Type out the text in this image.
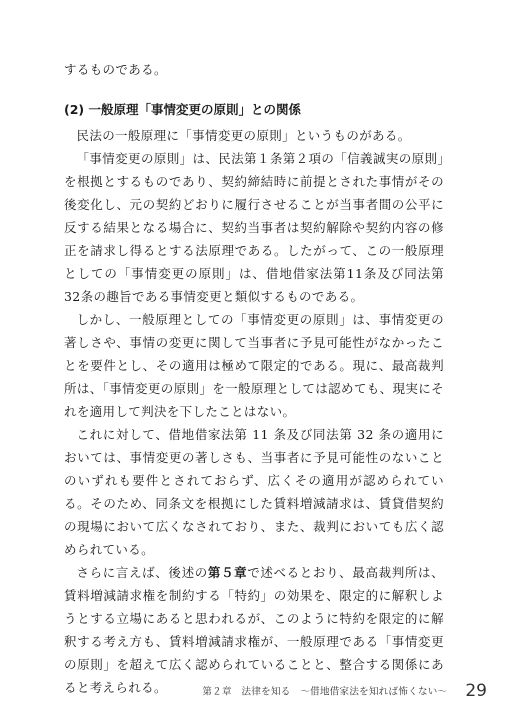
するものである。
(2) 一般原理「事情変更の原則」との関係

民法の一般原理に「事情変更の原則」というものがある。

「事情変更の原則」は、民法第１条第２項の「信義誠実の原則」を根拠とするものであり、契約締結時に前提とされた事情がその後変化し、元の契約どおりに履行させることが当事者間の公平に反する結果となる場合に、契約当事者は契約解除や契約内容の修正を請求し得るとする法原理である。したがって、この一般原理としての「事情変更の原則」は、借地借家法第11条及び同法第32条の趣旨である事情変更と類似するものである。

しかし、一般原理としての「事情変更の原則」は、事情変更の著しさや、事情の変更に関して当事者に予見可能性がなかったことを要件とし、その適用は極めて限定的である。現に、最高裁判所は、「事情変更の原則」を一般原理としては認めても、現実にそれを適用して判決を下したことはない。

これに対して、借地借家法第 11 条及び同法第 32 条の適用においては、事情変更の著しさも、当事者に予見可能性のないことのいずれも要件とされておらず、広くその適用が認められている。そのため、同条文を根拠にした賃料増減請求は、賃貸借契約の現場において広くなされており、また、裁判においても広く認められている。

さらに言えば、後述の第５章で述べるとおり、最高裁判所は、賃料増減請求権を制約する「特約」の効果を、限定的に解釈しようとする立場にあると思われるが、このように特約を限定的に解釈する考え方も、賃料増減請求権が、一般原理である「事情変更の原則」を超えて広く認められていることと、整合する関係にあると考えられる。	第２章　法律を知る　〜借地借家法を知れば怖くない〜 29
